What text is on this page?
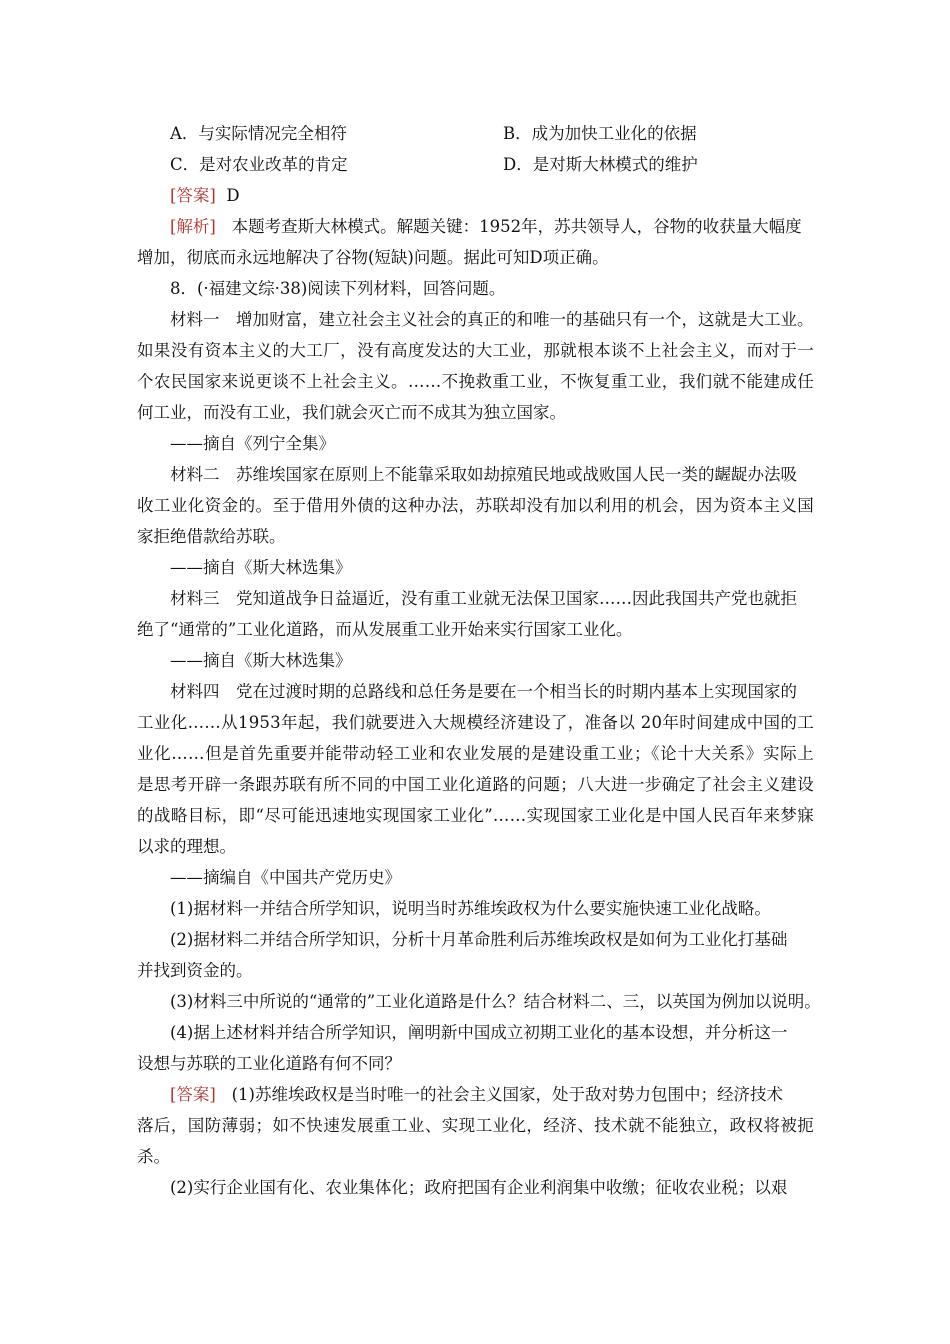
A．与实际情况完全相符	B．成为加快工业化的依据
C．是对农业改革的肯定	D．是对斯大林模式的维护
[答案] D
[解析] 本题考查斯大林模式。解题关键：1952年，苏共领导人，谷物的收获量大幅度
增加，彻底而永远地解决了谷物(短缺)问题。据此可知D项正确。
8．(·福建文综·38)阅读下列材料，回答问题。
材料一　增加财富，建立社会主义社会的真正的和唯一的基础只有一个，这就是大工业。
如果没有资本主义的大工厂，没有高度发达的大工业，那就根本谈不上社会主义，而对于一
个农民国家来说更谈不上社会主义。……不挽救重工业，不恢复重工业，我们就不能建成任
何工业，而没有工业，我们就会灭亡而不成其为独立国家。
——摘自《列宁全集》
材料二　苏维埃国家在原则上不能靠采取如劫掠殖民地或战败国人民一类的龌龊办法吸
收工业化资金的。至于借用外债的这种办法，苏联却没有加以利用的机会，因为资本主义国
家拒绝借款给苏联。
——摘自《斯大林选集》
材料三　党知道战争日益逼近，没有重工业就无法保卫国家……因此我国共产党也就拒
绝了“通常的”工业化道路，而从发展重工业开始来实行国家工业化。
——摘自《斯大林选集》
材料四　党在过渡时期的总路线和总任务是要在一个相当长的时期内基本上实现国家的
工业化……从1953年起，我们就要进入大规模经济建设了，准备以 20年时间建成中国的工
业化……但是首先重要并能带动轻工业和农业发展的是建设重工业；《论十大关系》实际上
是思考开辟一条跟苏联有所不同的中国工业化道路的问题；八大进一步确定了社会主义建设
的战略目标，即“尽可能迅速地实现国家工业化”……实现国家工业化是中国人民百年来梦寐
以求的理想。
——摘编自《中国共产党历史》
(1)据材料一并结合所学知识，说明当时苏维埃政权为什么要实施快速工业化战略。
(2)据材料二并结合所学知识，分析十月革命胜利后苏维埃政权是如何为工业化打基础
并找到资金的。
(3)材料三中所说的“通常的”工业化道路是什么？结合材料二、三，以英国为例加以说明。
(4)据上述材料并结合所学知识，阐明新中国成立初期工业化的基本设想，并分析这一
设想与苏联的工业化道路有何不同？
[答案] (1)苏维埃政权是当时唯一的社会主义国家，处于敌对势力包围中；经济技术
落后，国防薄弱；如不快速发展重工业、实现工业化，经济、技术就不能独立，政权将被扼
杀。
(2)实行企业国有化、农业集体化；政府把国有企业利润集中收缴；征收农业税；以艰
